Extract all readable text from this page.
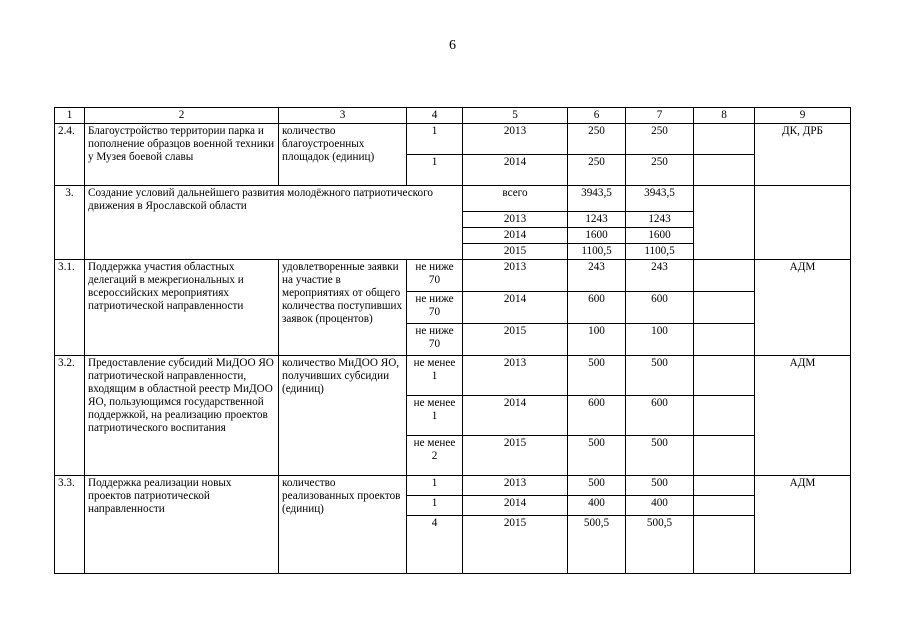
6
1	2	3	4	5	6	7	8	9
2.4.	Благоустройство территории парка и пополнение образцов военной техники у Музея боевой славы	количество благоустроенных площадок (единиц)	1	2013	250	250		ДК, ДРБ
			1	2014	250	250		
3.	Создание условий дальнейшего развития молодёжного патриотического движения в Ярославской области			всего	3943,5	3943,5		
				2013	1243	1243		
				2014	1600	1600		
				2015	1100,5	1100,5		
3.1.	Поддержка участия областных делегаций в межрегиональных и всероссийских мероприятиях патриотической направленности	удовлетворенные заявки на участие в мероприятиях от общего количества поступивших заявок (процентов)	не ниже 70	2013	243	243		АДМ
			не ниже 70	2014	600	600		
			не ниже 70	2015	100	100		
3.2.	Предоставление субсидий МиДОО ЯО патриотической направленности, входящим в областной реестр МиДОО ЯО, пользующимся государственной поддержкой, на реализацию проектов патриотического воспитания	количество МиДОО ЯО, получивших субсидии (единиц)	не менее 1	2013	500	500		АДМ
			не менее 1	2014	600	600		
			не менее 2	2015	500	500		
3.3.	Поддержка реализации новых проектов патриотической направленности	количество реализованных проектов (единиц)	1	2013	500	500		АДМ
			1	2014	400	400		
			4	2015	500,5	500,5		
